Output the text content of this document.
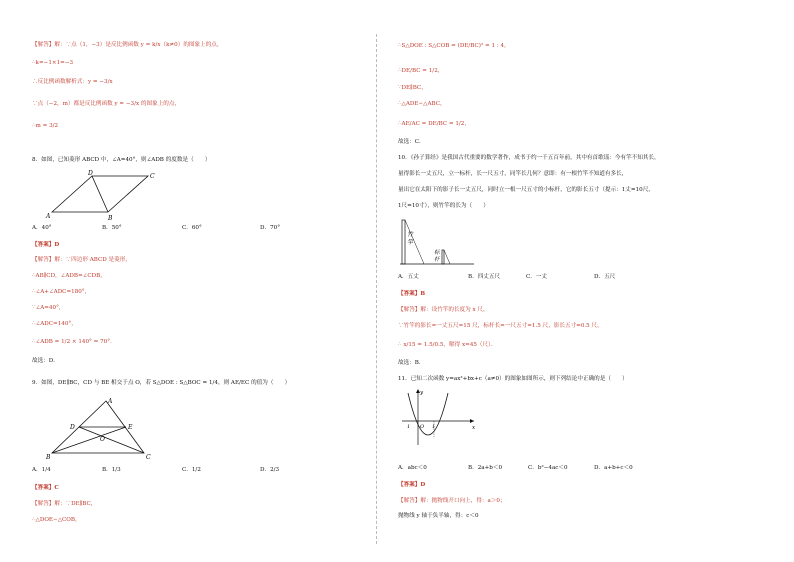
【解答】解：∵点（1，−3）是反比例函数 y = k/x（k≠0）的图象上的点，
∴k=−1×1=−3
∴反比例函数解析式：y = −3/x
∵点（−2，m）都是反比例函数 y = −3/x 的图象上的点，
∴m = 3/2
8．如图，已知菱形 ABCD 中，∠A=40°，则∠ADB 的度数是（　　）
D	C
A	B
A．40°	B．50°	C．60°	D．70°
【答案】D
【解答】解：∵四边形 ABCD 是菱形，
∴AB∥CD，∠ADB=∠CDB，
∴∠A+∠ADC=180°，
∵∠A=40°，
∴∠ADC=140°，
∴∠ADB = 1/2 × 140° = 70°．
故选：D．
9．如图，DE∥BC，CD 与 BE 相交于点 O，若 S△DOE : S△BOC = 1/4，则 AE/EC 的值为（　　）
A
D	E
O
B	C
A．1/4	B．1/3	C．1/2	D．2/3
【答案】C
【解答】解：∵DE∥BC，
∴△DOE∽△COB，
∴S△DOE : S△COB = (DE/BC)² = 1 : 4，
∴DE/BC = 1/2，
∵DE∥BC，
∴△ADE∽△ABC，
∴AE/AC = DE/BC = 1/2，
故选：C．
10．《孙子算经》是我国古代重要的数学著作，成书于约一千五百年前，其中有首歌谣：今有竿不知其长，
量得影长一丈五尺，立一标杆，长一尺五寸，同竿长几何？意即：有一根竹竿不知道有多长，
量出它在太阳下的影子长一丈五尺，同时立一根一尺五寸的小标杆，它的影长五寸（提示：1丈=10尺，
1尺=10寸），则竹竿的长为（　　）
竹
竿
标
杆
A．五丈	B．四丈五尺	C．一丈	D．五尺
【答案】B
【解答】解：设竹竿的长度为 x 尺，
∵竹竿的影长=一丈五尺=15 尺，标杆长=一尺五寸=1.5 尺，影长五寸=0.5 尺，
∴ x/15 = 1.5/0.5，解得 x=45（尺）．
故选：B．
11．已知二次函数 y=ax²+bx+c（a≠0）的图象如图所示，则下列结论中正确的是（　　）
y
x
1 O 1
A．abc＜0	B．2a+b＜0	C．b²−4ac＜0	D．a+b+c＜0
【答案】D
【解答】解：抛物线开口向上，得：a＞0；
抛物线 y 轴于负半轴，得：c＜0
